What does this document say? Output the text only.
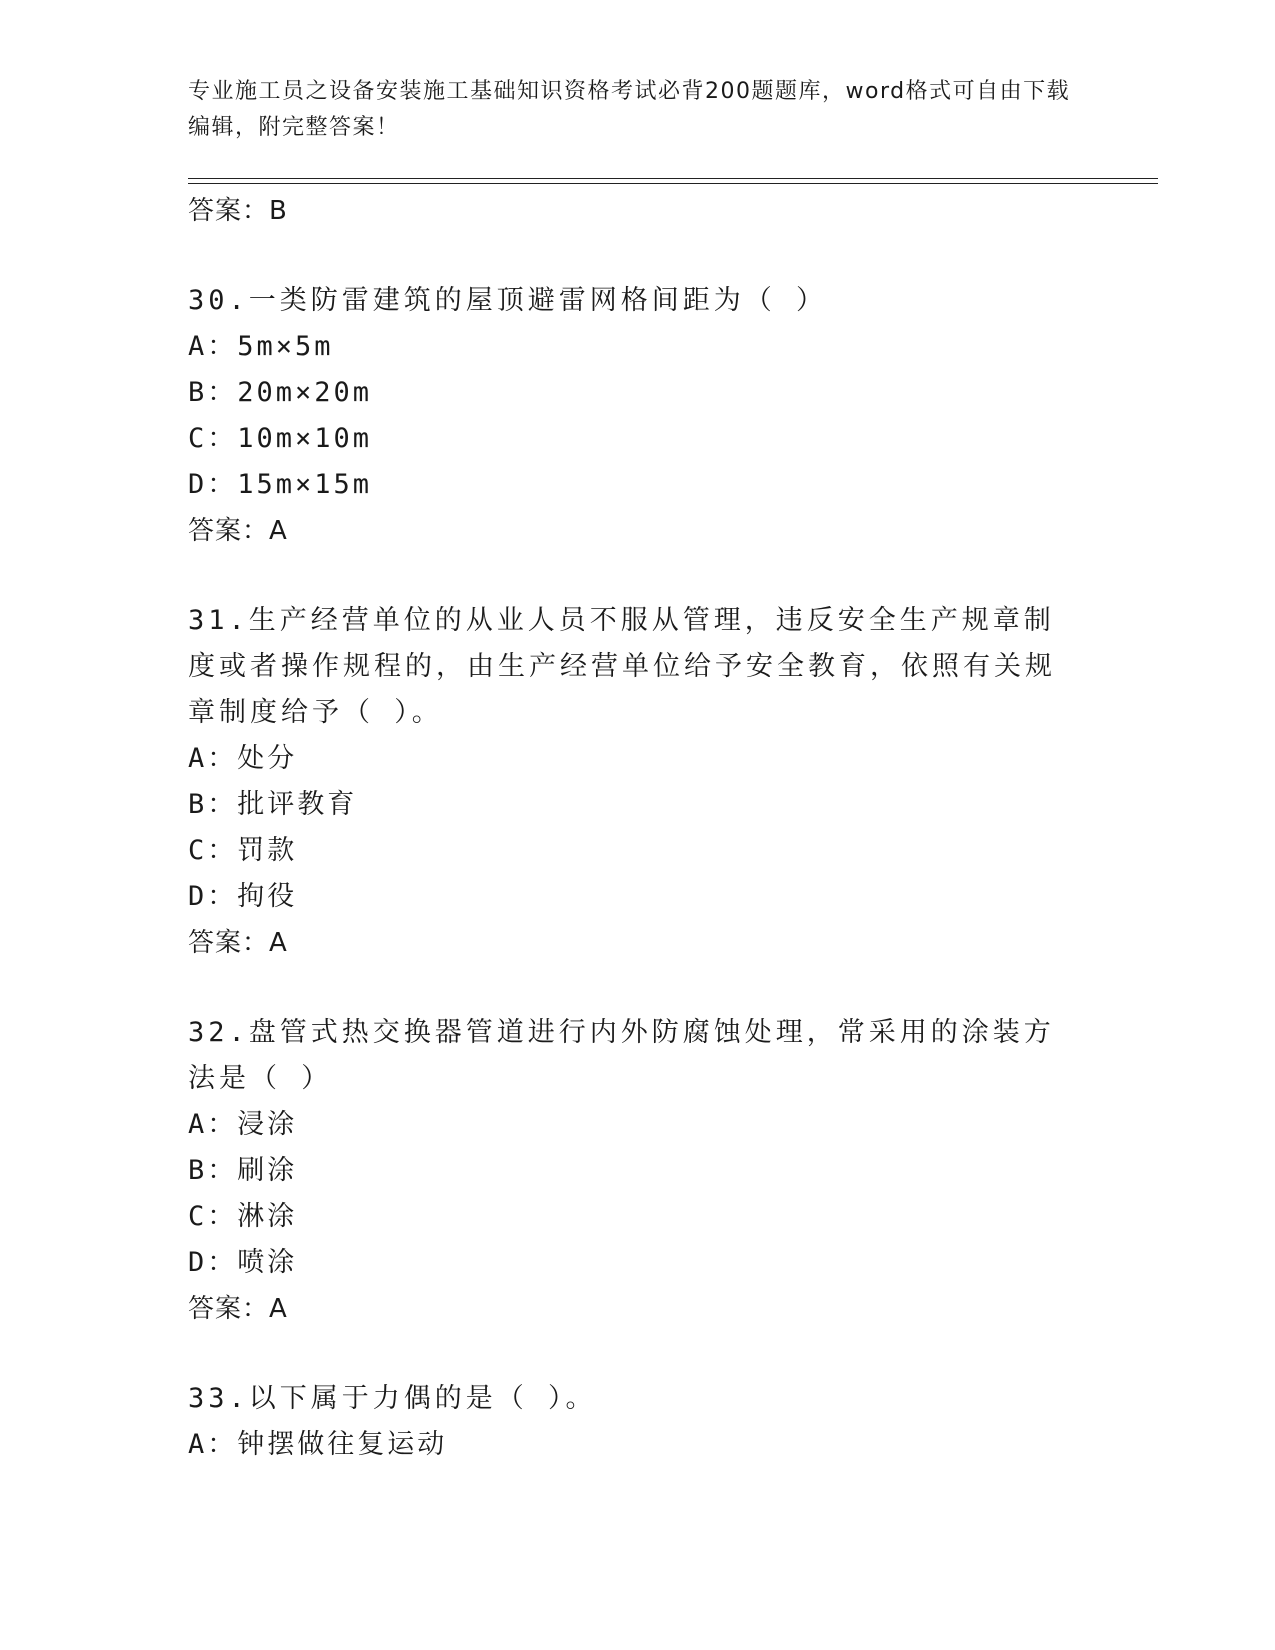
专业施工员之设备安装施工基础知识资格考试必背200题题库，word格式可自由下载编辑，附完整答案！
答案：B
30.一类防雷建筑的屋顶避雷网格间距为（ ）
A：5m×5m
B：20m×20m
C：10m×10m
D：15m×15m
答案：A
31.生产经营单位的从业人员不服从管理，违反安全生产规章制度或者操作规程的，由生产经营单位给予安全教育，依照有关规章制度给予（ ）。
A：处分
B：批评教育
C：罚款
D：拘役
答案：A
32.盘管式热交换器管道进行内外防腐蚀处理，常采用的涂装方法是（ ）
A：浸涂
B：刷涂
C：淋涂
D：喷涂
答案：A
33.以下属于力偶的是（ ）。
A：钟摆做往复运动
